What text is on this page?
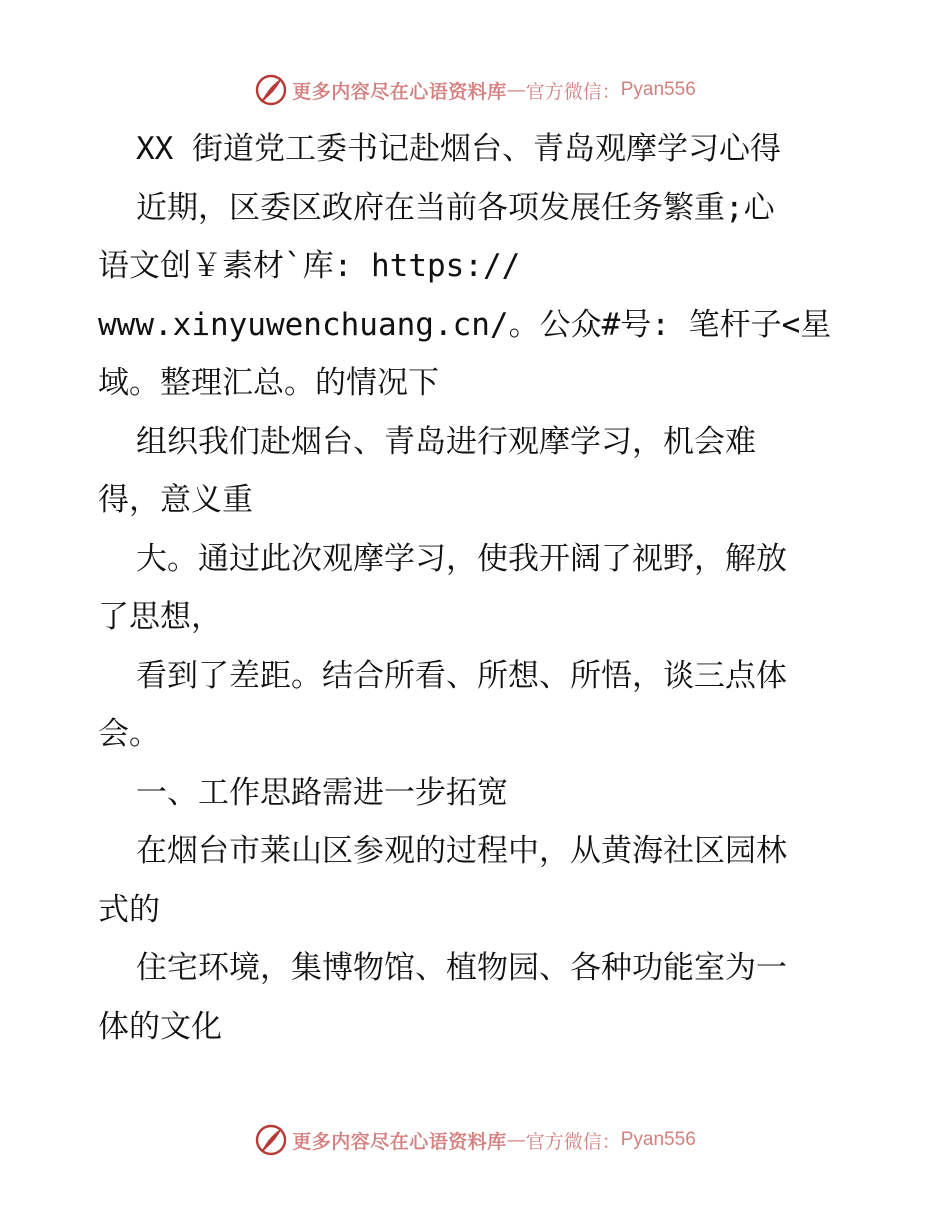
更多内容尽在心语资料库 — 官方微信： Pyan556

XX 街道党工委书记赴烟台、青岛观摩学习心得

近期，区委区政府在当前各项发展任务繁重;心

语文创￥素材`库: https://

www.xinyuwenchuang.cn/。公众#号: 笔杆子<星

域。整理汇总。的情况下

组织我们赴烟台、青岛进行观摩学习，机会难

得，意义重

大。通过此次观摩学习，使我开阔了视野，解放

了思想，

看到了差距。结合所看、所想、所悟，谈三点体

会。

一、工作思路需进一步拓宽

在烟台市莱山区参观的过程中，从黄海社区园林

式的

住宅环境，集博物馆、植物园、各种功能室为一

体的文化

更多内容尽在心语资料库 — 官方微信： Pyan556
